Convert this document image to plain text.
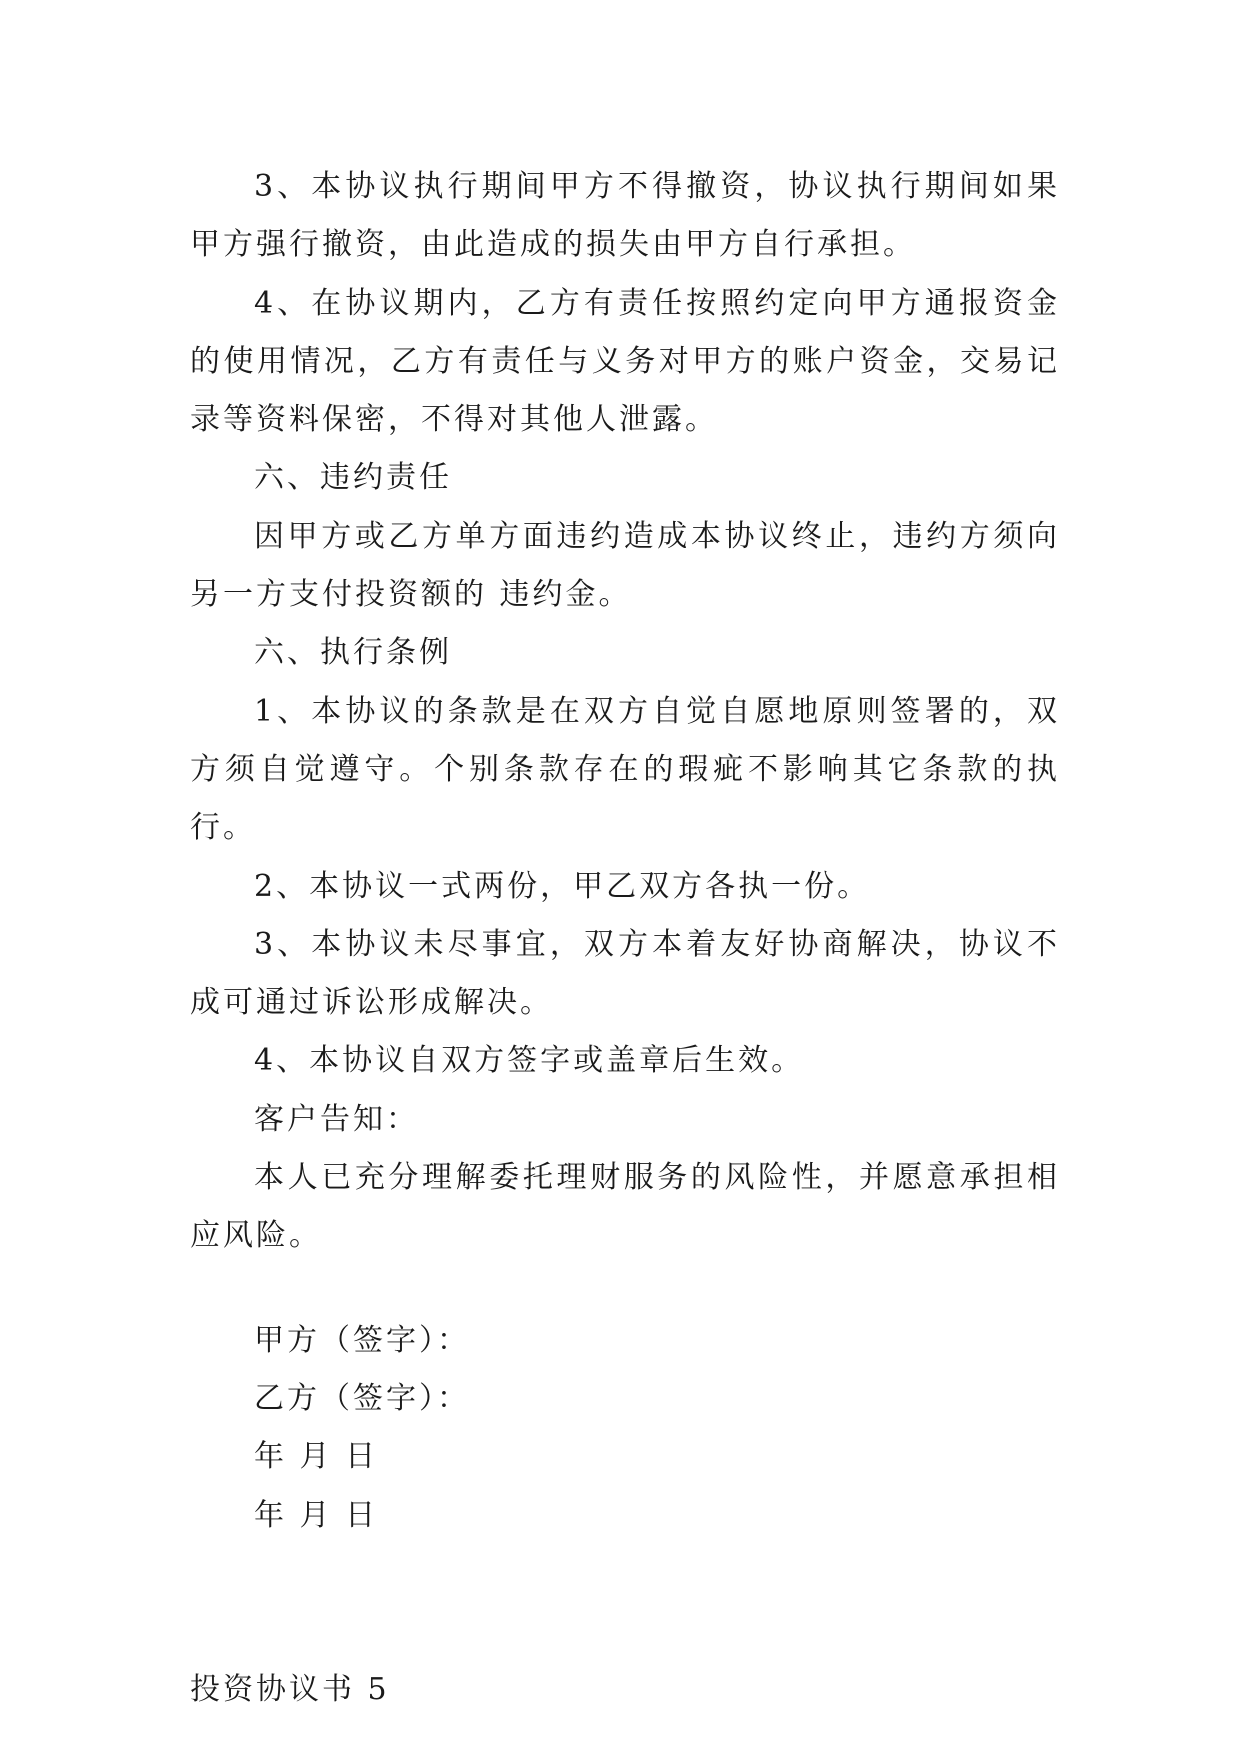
3、本协议执行期间甲方不得撤资，协议执行期间如果甲方强行撤资，由此造成的损失由甲方自行承担。

4、在协议期内，乙方有责任按照约定向甲方通报资金的使用情况，乙方有责任与义务对甲方的账户资金，交易记录等资料保密，不得对其他人泄露。

六、违约责任

因甲方或乙方单方面违约造成本协议终止，违约方须向另一方支付投资额的 违约金。

六、执行条例

1、本协议的条款是在双方自觉自愿地原则签署的，双方须自觉遵守。个别条款存在的瑕疵不影响其它条款的执行。

2、本协议一式两份，甲乙双方各执一份。

3、本协议未尽事宜，双方本着友好协商解决，协议不成可通过诉讼形成解决。

4、本协议自双方签字或盖章后生效。

客户告知：

本人已充分理解委托理财服务的风险性，并愿意承担相应风险。

甲方（签字）：

乙方（签字）：

年 月 日

年 月 日

投资协议书 5
